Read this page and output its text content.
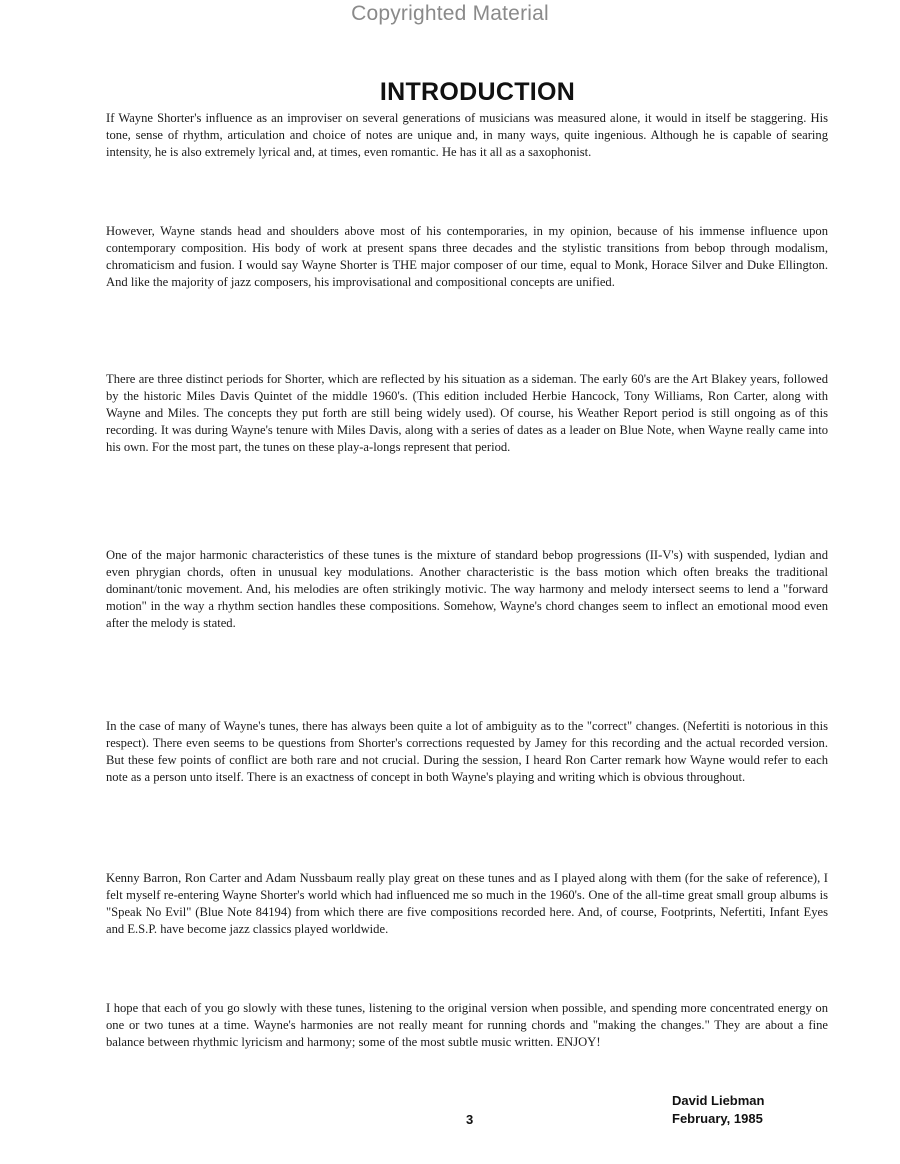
Copyrighted Material
INTRODUCTION

If Wayne Shorter's influence as an improviser on several generations of musicians was measured alone, it would in itself be staggering. His tone, sense of rhythm, articulation and choice of notes are unique and, in many ways, quite ingenious. Although he is capable of searing intensity, he is also extremely lyrical and, at times, even romantic. He has it all as a saxophonist.

However, Wayne stands head and shoulders above most of his contemporaries, in my opinion, because of his immense influence upon contemporary composition. His body of work at present spans three decades and the stylistic transitions from bebop through modalism, chromaticism and fusion. I would say Wayne Shorter is THE major composer of our time, equal to Monk, Horace Silver and Duke Ellington. And like the majority of jazz composers, his improvisational and compositional concepts are unified.

There are three distinct periods for Shorter, which are reflected by his situation as a sideman. The early 60's are the Art Blakey years, followed by the historic Miles Davis Quintet of the middle 1960's. (This edition included Herbie Hancock, Tony Williams, Ron Carter, along with Wayne and Miles. The concepts they put forth are still being widely used). Of course, his Weather Report period is still ongoing as of this recording. It was during Wayne's tenure with Miles Davis, along with a series of dates as a leader on Blue Note, when Wayne really came into his own. For the most part, the tunes on these play-a-longs represent that period.

One of the major harmonic characteristics of these tunes is the mixture of standard bebop progressions (II-V's) with suspended, lydian and even phrygian chords, often in unusual key modulations. Another characteristic is the bass motion which often breaks the traditional dominant/tonic movement. And, his melodies are often strikingly motivic. The way harmony and melody intersect seems to lend a "forward motion" in the way a rhythm section handles these compositions. Somehow, Wayne's chord changes seem to inflect an emotional mood even after the melody is stated.

In the case of many of Wayne's tunes, there has always been quite a lot of ambiguity as to the "correct" changes. (Nefertiti is notorious in this respect). There even seems to be questions from Shorter's corrections requested by Jamey for this recording and the actual recorded version. But these few points of conflict are both rare and not crucial. During the session, I heard Ron Carter remark how Wayne would refer to each note as a person unto itself. There is an exactness of concept in both Wayne's playing and writing which is obvious throughout.

Kenny Barron, Ron Carter and Adam Nussbaum really play great on these tunes and as I played along with them (for the sake of reference), I felt myself re-entering Wayne Shorter's world which had influenced me so much in the 1960's. One of the all-time great small group albums is "Speak No Evil" (Blue Note 84194) from which there are five compositions recorded here. And, of course, Footprints, Nefertiti, Infant Eyes and E.S.P. have become jazz classics played worldwide.

I hope that each of you go slowly with these tunes, listening to the original version when possible, and spending more concentrated energy on one or two tunes at a time. Wayne's harmonies are not really meant for running chords and "making the changes." They are about a fine balance between rhythmic lyricism and harmony; some of the most subtle music written. ENJOY!

David Liebman
February, 1985
3
